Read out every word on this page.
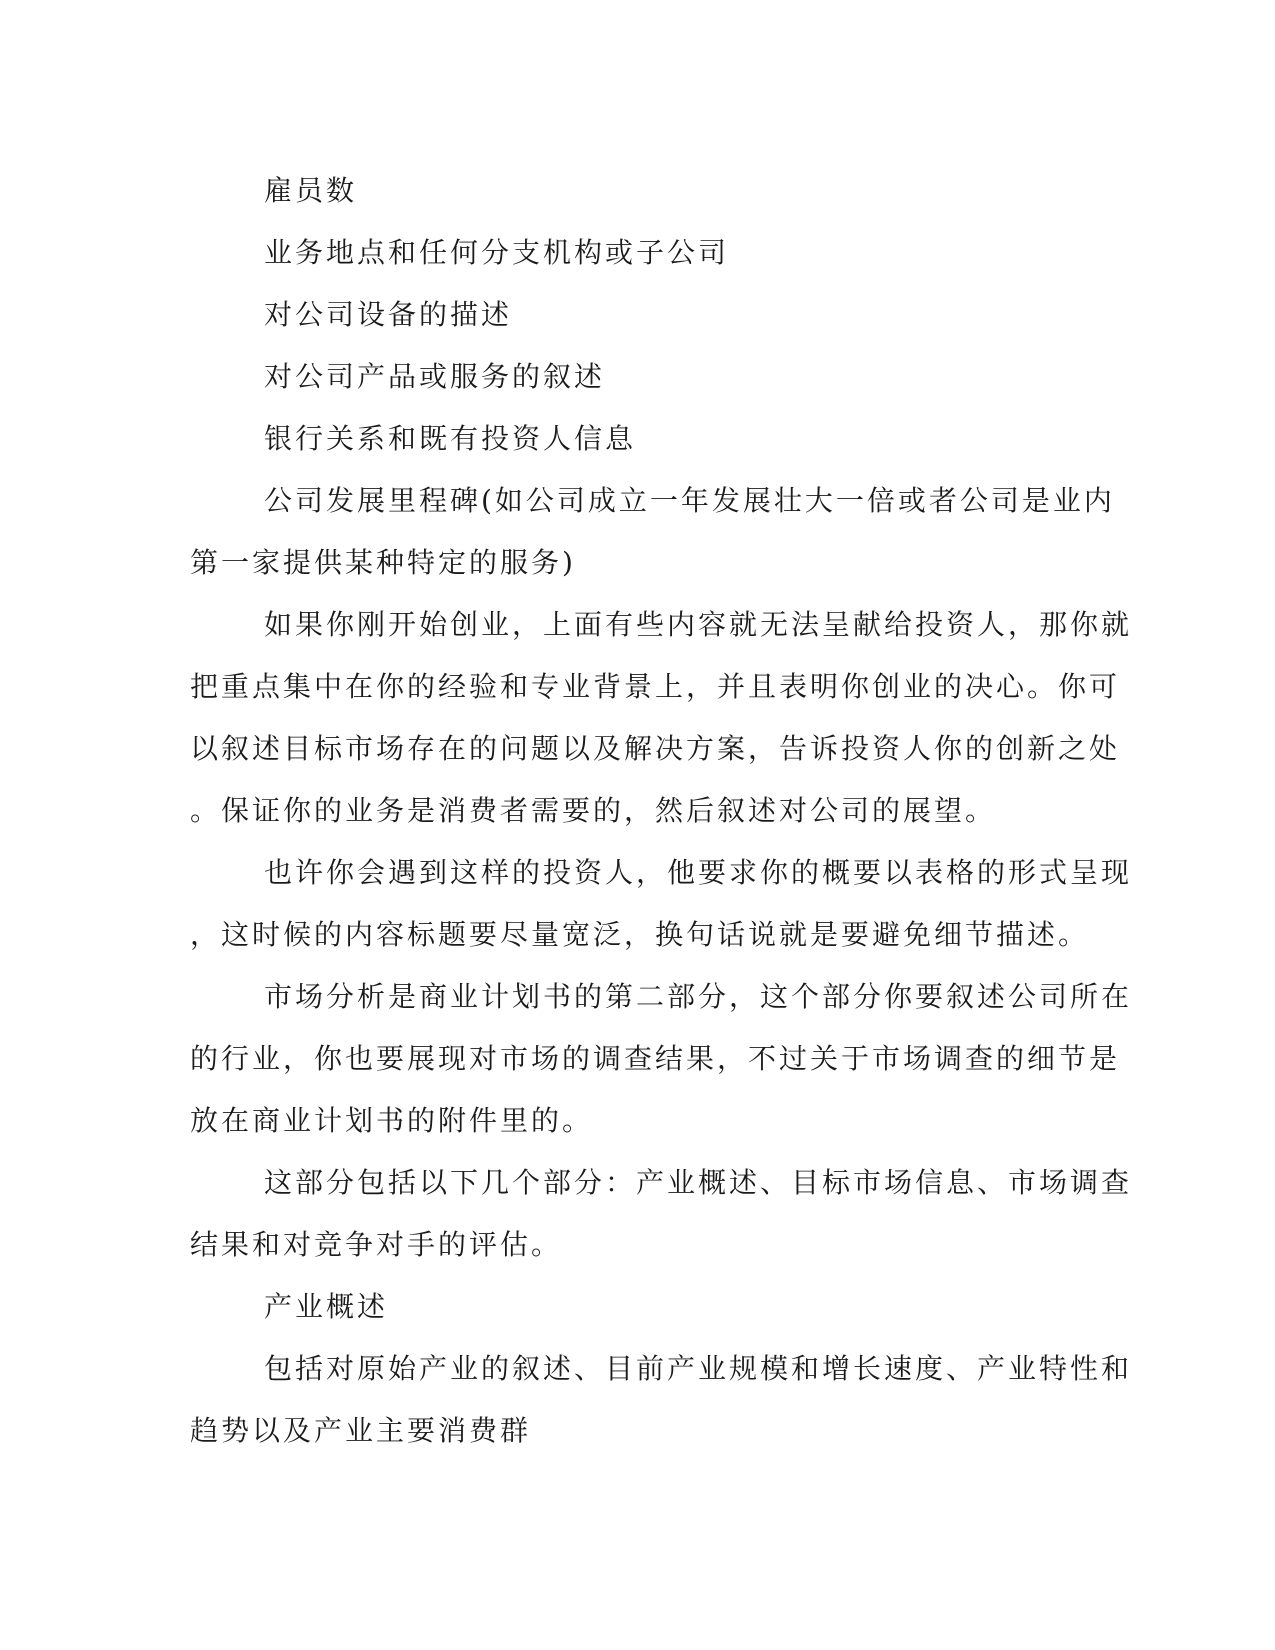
雇员数
业务地点和任何分支机构或子公司
对公司设备的描述
对公司产品或服务的叙述
银行关系和既有投资人信息
公司发展里程碑(如公司成立一年发展壮大一倍或者公司是业内
第一家提供某种特定的服务)
如果你刚开始创业，上面有些内容就无法呈献给投资人，那你就
把重点集中在你的经验和专业背景上，并且表明你创业的决心。你可
以叙述目标市场存在的问题以及解决方案，告诉投资人你的创新之处
。保证你的业务是消费者需要的，然后叙述对公司的展望。
也许你会遇到这样的投资人，他要求你的概要以表格的形式呈现
，这时候的内容标题要尽量宽泛，换句话说就是要避免细节描述。
市场分析是商业计划书的第二部分，这个部分你要叙述公司所在
的行业，你也要展现对市场的调查结果，不过关于市场调查的细节是
放在商业计划书的附件里的。
这部分包括以下几个部分：产业概述、目标市场信息、市场调查
结果和对竞争对手的评估。
产业概述
包括对原始产业的叙述、目前产业规模和增长速度、产业特性和
趋势以及产业主要消费群
